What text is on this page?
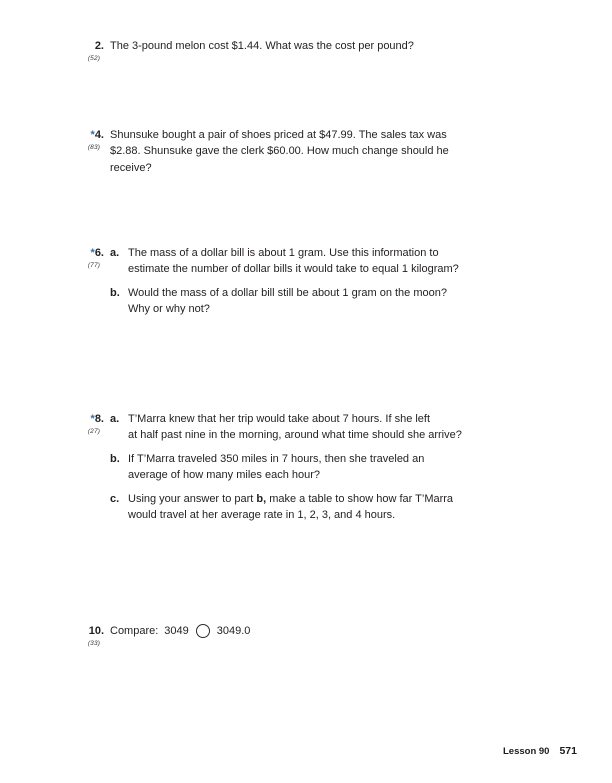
2.
(52)
The 3-pound melon cost $1.44. What was the cost per pound?
*4.
(83)
Shunsuke bought a pair of shoes priced at $47.99. The sales tax was
$2.88. Shunsuke gave the clerk $60.00. How much change should he
receive?
*6.
(77)
a. The mass of a dollar bill is about 1 gram. Use this information to
estimate the number of dollar bills it would take to equal 1 kilogram?
b. Would the mass of a dollar bill still be about 1 gram on the moon?
Why or why not?
*8.
(27)
a. T’Marra knew that her trip would take about 7 hours. If she left
at half past nine in the morning, around what time should she arrive?
b. If T’Marra traveled 350 miles in 7 hours, then she traveled an
average of how many miles each hour?
c. Using your answer to part b, make a table to show how far T’Marra
would travel at her average rate in 1, 2, 3, and 4 hours.
10.
(33)
Compare: 3049	3049.0
Lesson 90 571
